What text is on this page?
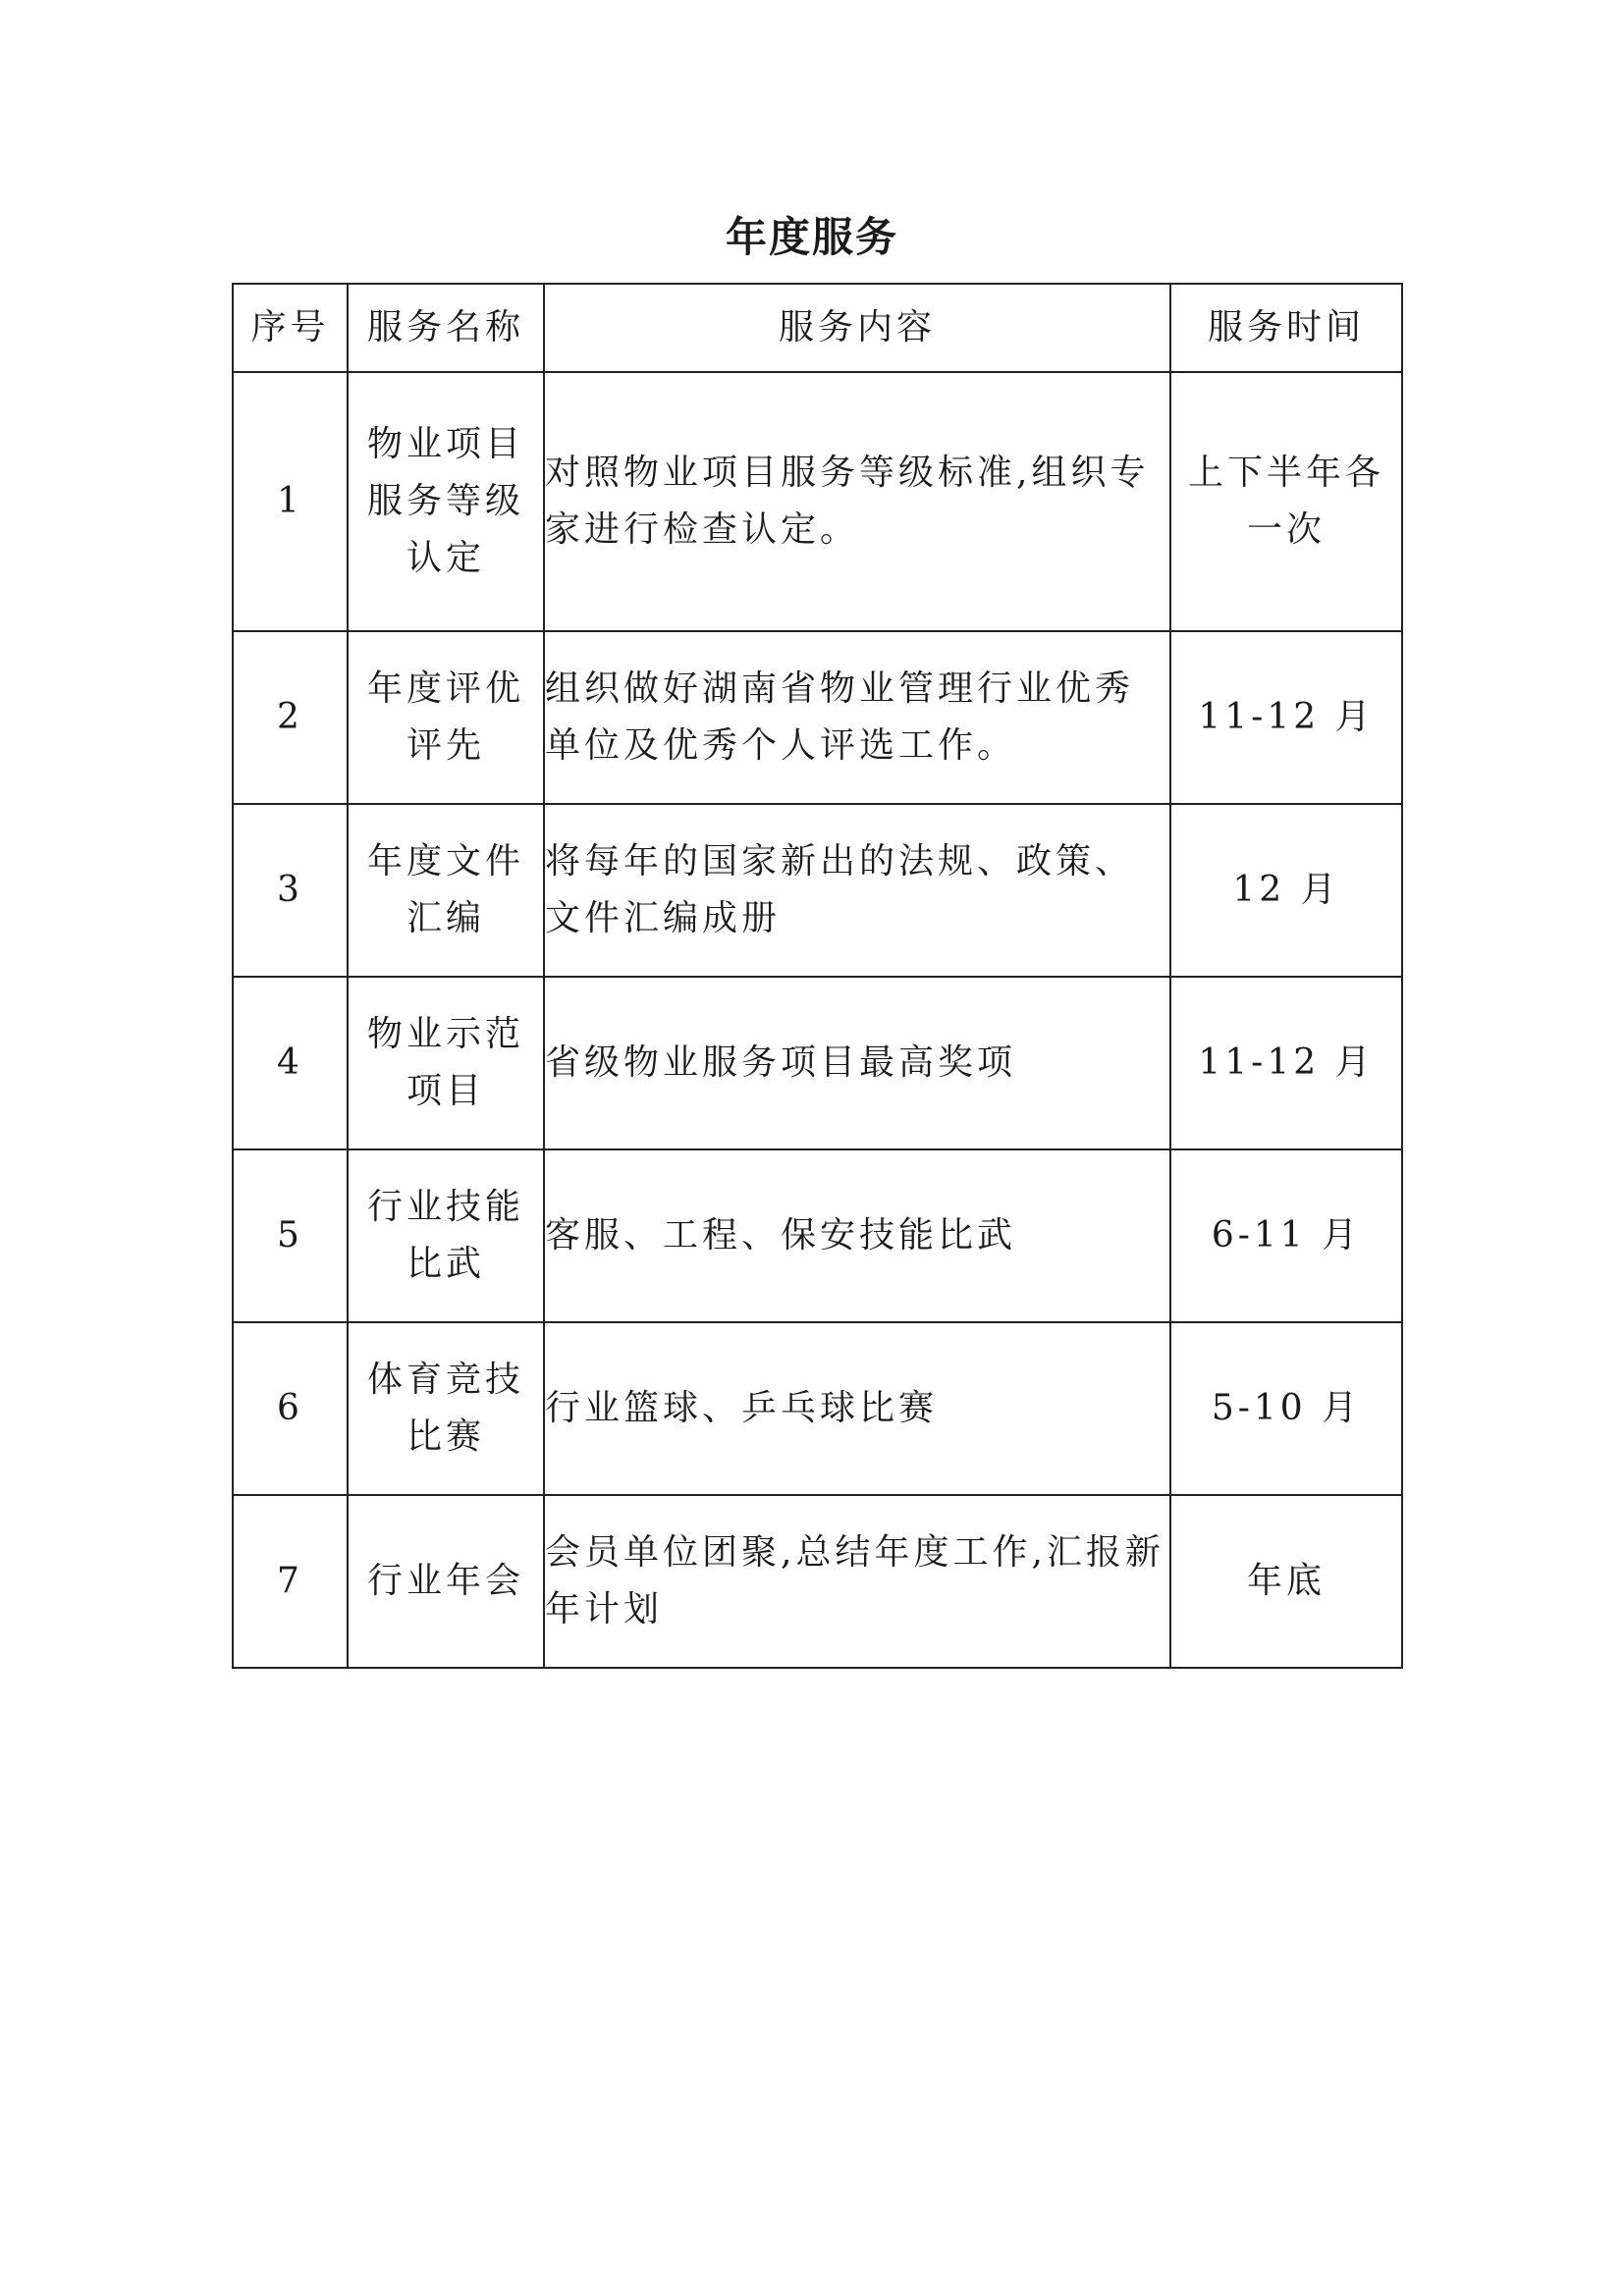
年度服务
序号	服务名称	服务内容	服务时间
1	物业项目服务等级认定	对照物业项目服务等级标准,组织专家进行检查认定。	上下半年各一次
2	年度评优评先	组织做好湖南省物业管理行业优秀单位及优秀个人评选工作。	11-12 月
3	年度文件汇编	将每年的国家新出的法规、政策、文件汇编成册	12 月
4	物业示范项目	省级物业服务项目最高奖项	11-12 月
5	行业技能比武	客服、工程、保安技能比武	6-11 月
6	体育竞技比赛	行业篮球、乒乓球比赛	5-10 月
7	行业年会	会员单位团聚,总结年度工作,汇报新年计划	年底
